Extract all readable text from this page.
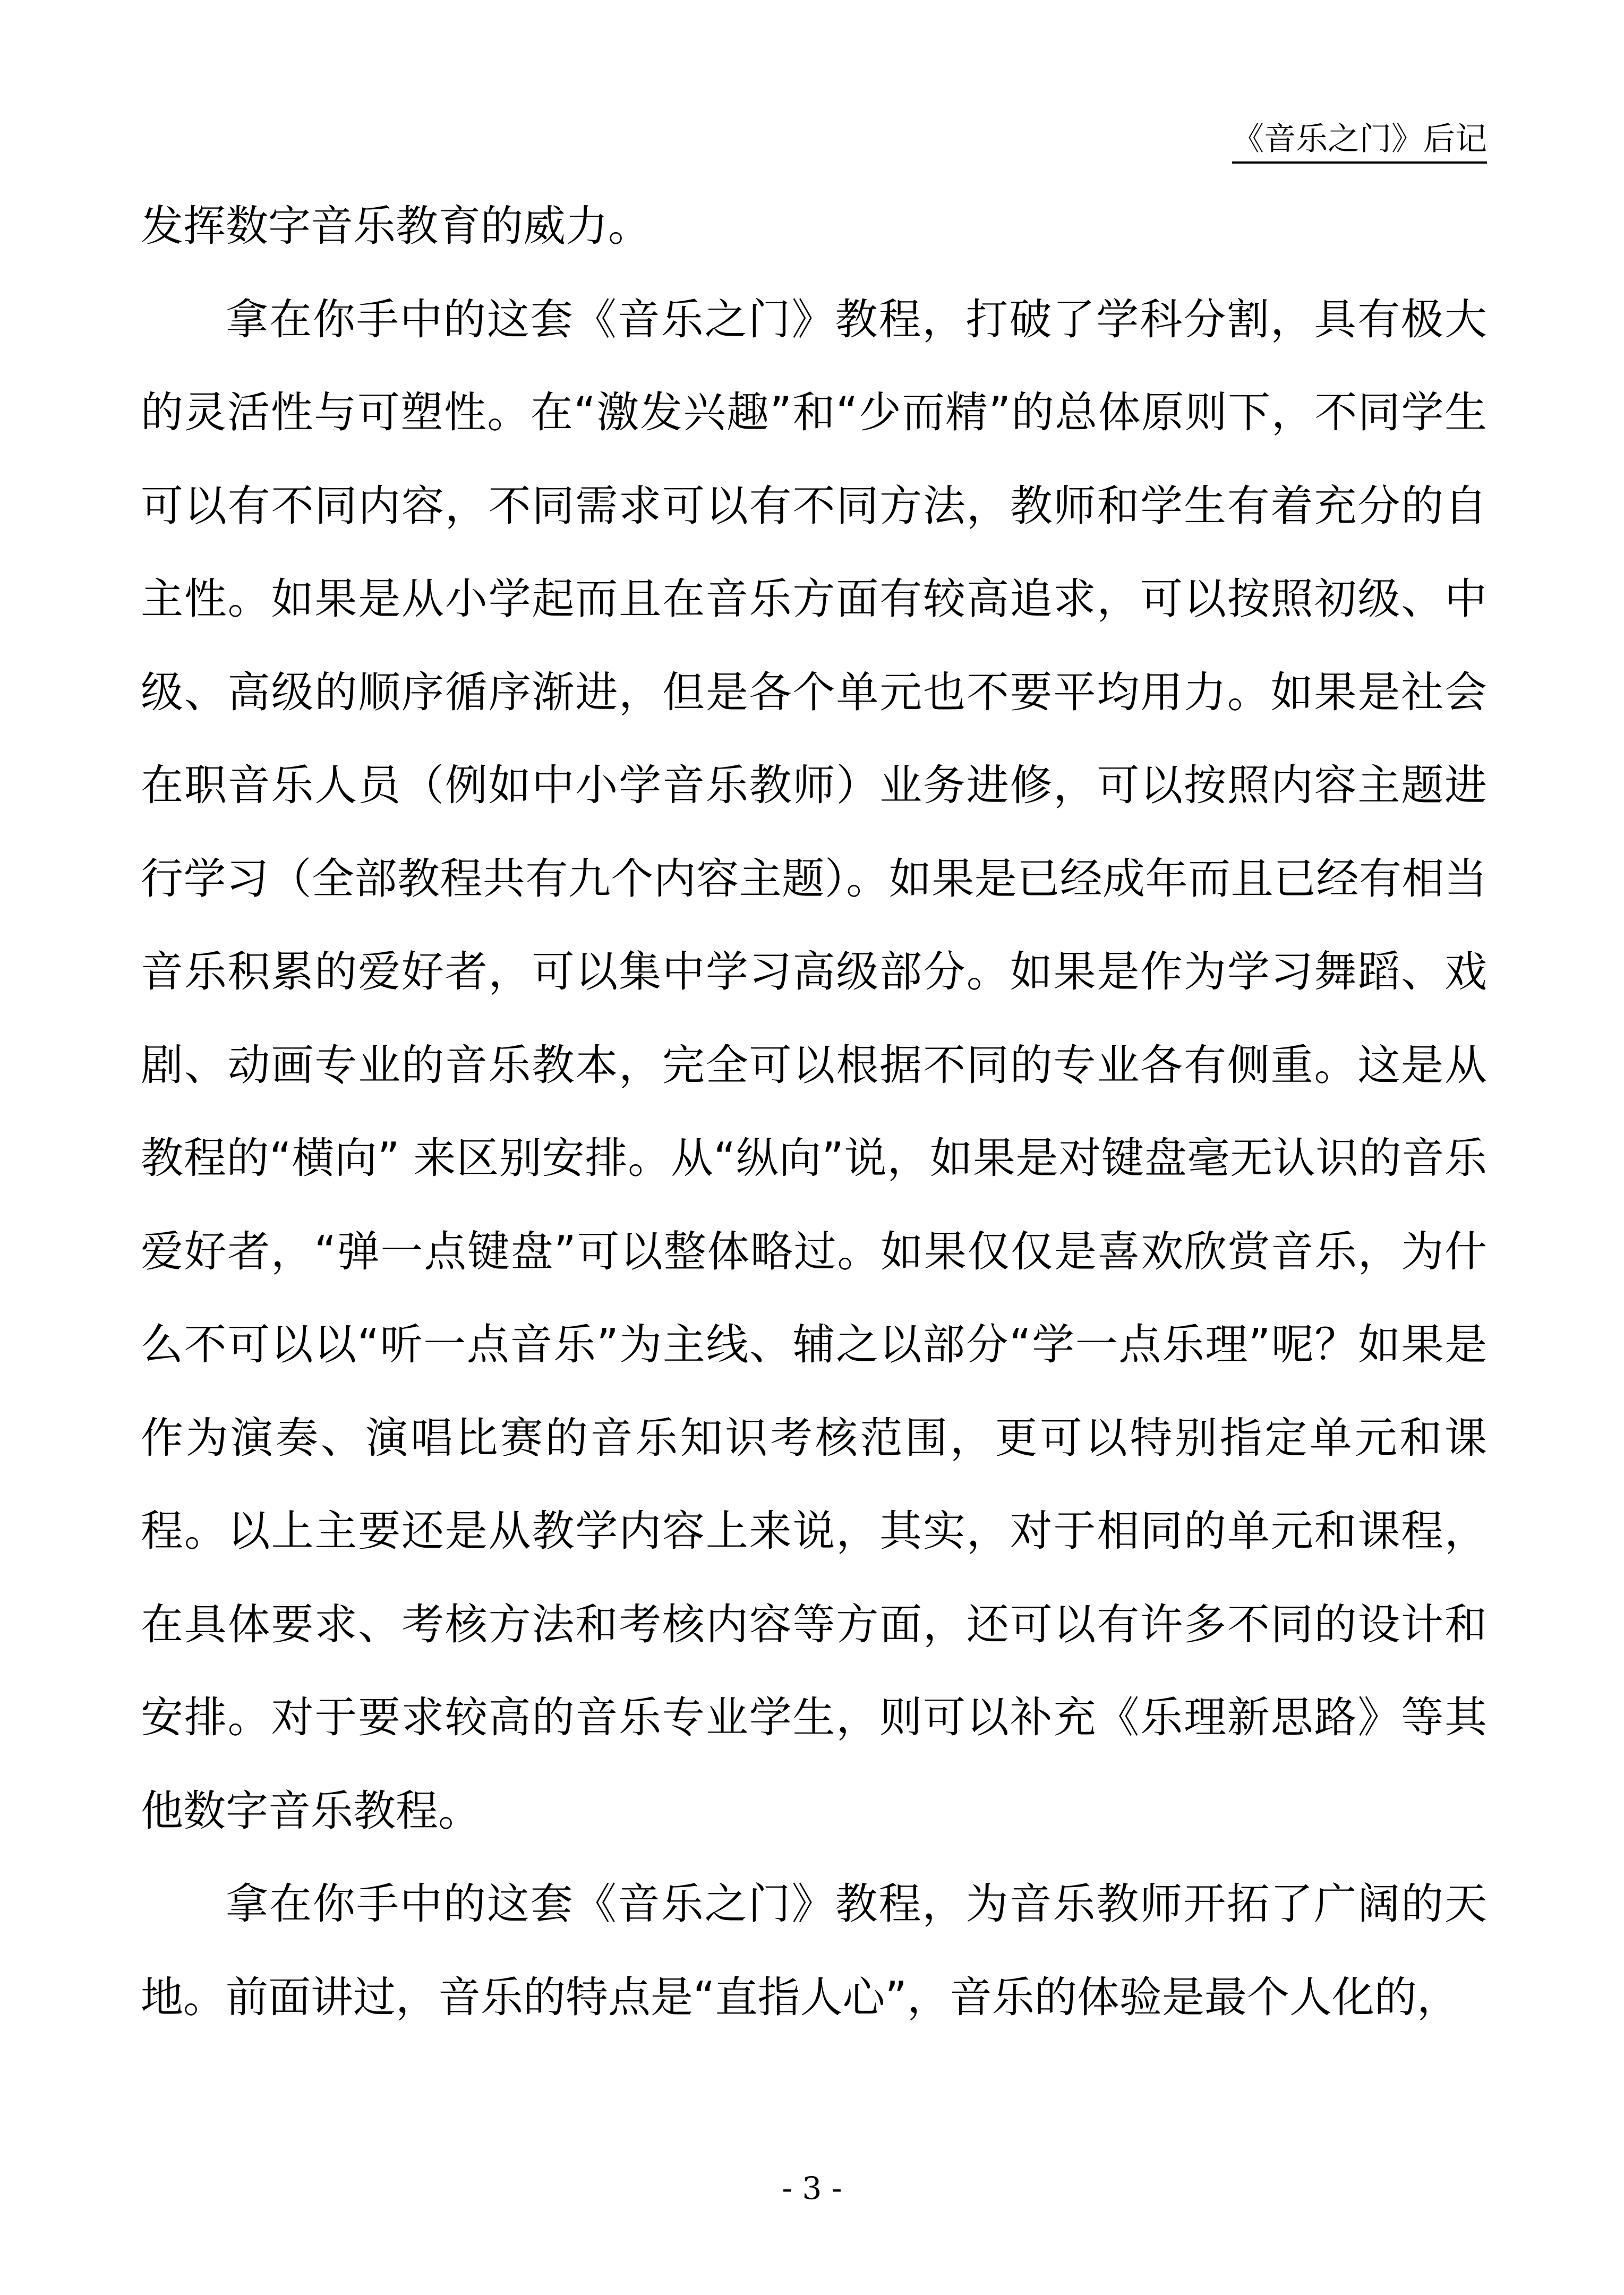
《音乐之门》后记

发挥数字音乐教育的威力。

拿在你手中的这套《音乐之门》教程，打破了学科分割，具有极大的灵活性与可塑性。在“激发兴趣”和“少而精”的总体原则下，不同学生可以有不同内容，不同需求可以有不同方法，教师和学生有着充分的自主性。如果是从小学起而且在音乐方面有较高追求，可以按照初级、中级、高级的顺序循序渐进，但是各个单元也不要平均用力。如果是社会在职音乐人员（例如中小学音乐教师）业务进修，可以按照内容主题进行学习（全部教程共有九个内容主题）。如果是已经成年而且已经有相当音乐积累的爱好者，可以集中学习高级部分。如果是作为学习舞蹈、戏剧、动画专业的音乐教本，完全可以根据不同的专业各有侧重。这是从教程的“横向” 来区别安排。从“纵向”说，如果是对键盘毫无认识的音乐爱好者，“弹一点键盘”可以整体略过。如果仅仅是喜欢欣赏音乐，为什么不可以以“听一点音乐”为主线、辅之以部分“学一点乐理”呢？如果是作为演奏、演唱比赛的音乐知识考核范围，更可以特别指定单元和课程。以上主要还是从教学内容上来说，其实，对于相同的单元和课程，在具体要求、考核方法和考核内容等方面，还可以有许多不同的设计和安排。对于要求较高的音乐专业学生，则可以补充《乐理新思路》等其他数字音乐教程。

拿在你手中的这套《音乐之门》教程，为音乐教师开拓了广阔的天地。前面讲过，音乐的特点是“直指人心”，音乐的体验是最个人化的，

- 3 -
